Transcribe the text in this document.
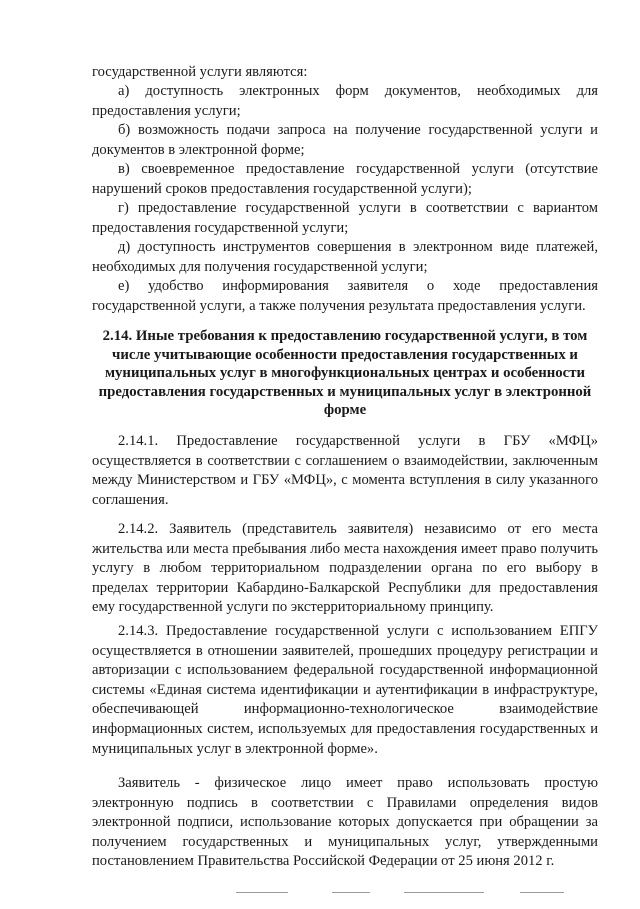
государственной услуги являются:

а) доступность электронных форм документов, необходимых для предоставления услуги;

б) возможность подачи запроса на получение государственной услуги и документов в электронной форме;

в) своевременное предоставление государственной услуги (отсутствие нарушений сроков предоставления государственной услуги);

г) предоставление государственной услуги в соответствии с вариантом предоставления государственной услуги;

д) доступность инструментов совершения в электронном виде платежей, необходимых для получения государственной услуги;

е) удобство информирования заявителя о ходе предоставления государственной услуги, а также получения результата предоставления услуги.

2.14. Иные требования к предоставлению государственной услуги, в том числе учитывающие особенности предоставления государственных и муниципальных услуг в многофункциональных центрах и особенности предоставления государственных и муниципальных услуг в электронной форме

2.14.1. Предоставление государственной услуги в ГБУ «МФЦ» осуществляется в соответствии с соглашением о взаимодействии, заключенным между Министерством и ГБУ «МФЦ», с момента вступления в силу указанного соглашения.

2.14.2. Заявитель (представитель заявителя) независимо от его места жительства или места пребывания либо места нахождения имеет право получить услугу в любом территориальном подразделении органа по его выбору в пределах территории Кабардино-Балкарской Республики для предоставления ему государственной услуги по экстерриториальному принципу.

2.14.3. Предоставление государственной услуги с использованием ЕПГУ осуществляется в отношении заявителей, прошедших процедуру регистрации и авторизации с использованием федеральной государственной информационной системы «Единая система идентификации и аутентификации в инфраструктуре, обеспечивающей информационно-технологическое взаимодействие информационных систем, используемых для предоставления государственных и муниципальных услуг в электронной форме».

Заявитель - физическое лицо имеет право использовать простую электронную подпись в соответствии с Правилами определения видов электронной подписи, использование которых допускается при обращении за получением государственных и муниципальных услуг, утвержденными постановлением Правительства Российской Федерации от 25 июня 2012 г.
